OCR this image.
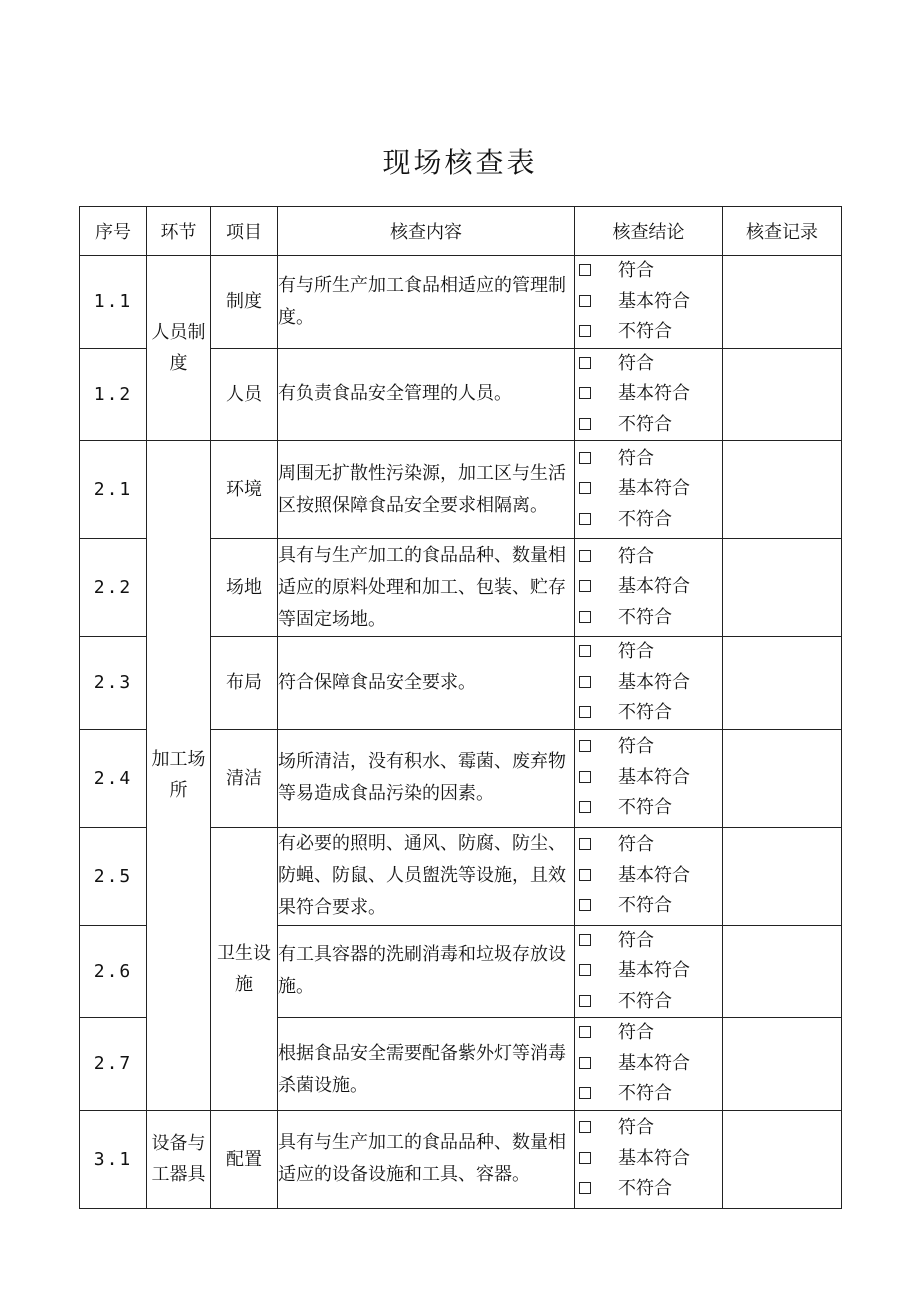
现场核查表
序号	环节	项目	核查内容	核查结论	核查记录
1.1	人员制度	制度	有与所生产加工食品相适应的管理制度。	符合
基本符合
不符合	

1.2		人员	有负责食品安全管理的人员。	符合
基本符合
不符合	

2.1	加工场所	环境	周围无扩散性污染源，加工区与生活区按照保障食品安全要求相隔离。	符合
基本符合
不符合	

2.2		场地	具有与生产加工的食品品种、数量相适应的原料处理和加工、包装、贮存等固定场地。	符合
基本符合
不符合	

2.3		布局	符合保障食品安全要求。	符合
基本符合
不符合	

2.4		清洁	场所清洁，没有积水、霉菌、废弃物等易造成食品污染的因素。	符合
基本符合
不符合	

2.5		卫生设施	有必要的照明、通风、防腐、防尘、防蝇、防鼠、人员盥洗等设施，且效果符合要求。	符合
基本符合
不符合	

2.6			有工具容器的洗刷消毒和垃圾存放设施。	符合
基本符合
不符合	

2.7			根据食品安全需要配备紫外灯等消毒杀菌设施。	符合
基本符合
不符合	

3.1	设备与工器具	配置	具有与生产加工的食品品种、数量相适应的设备设施和工具、容器。	符合
基本符合
不符合	
